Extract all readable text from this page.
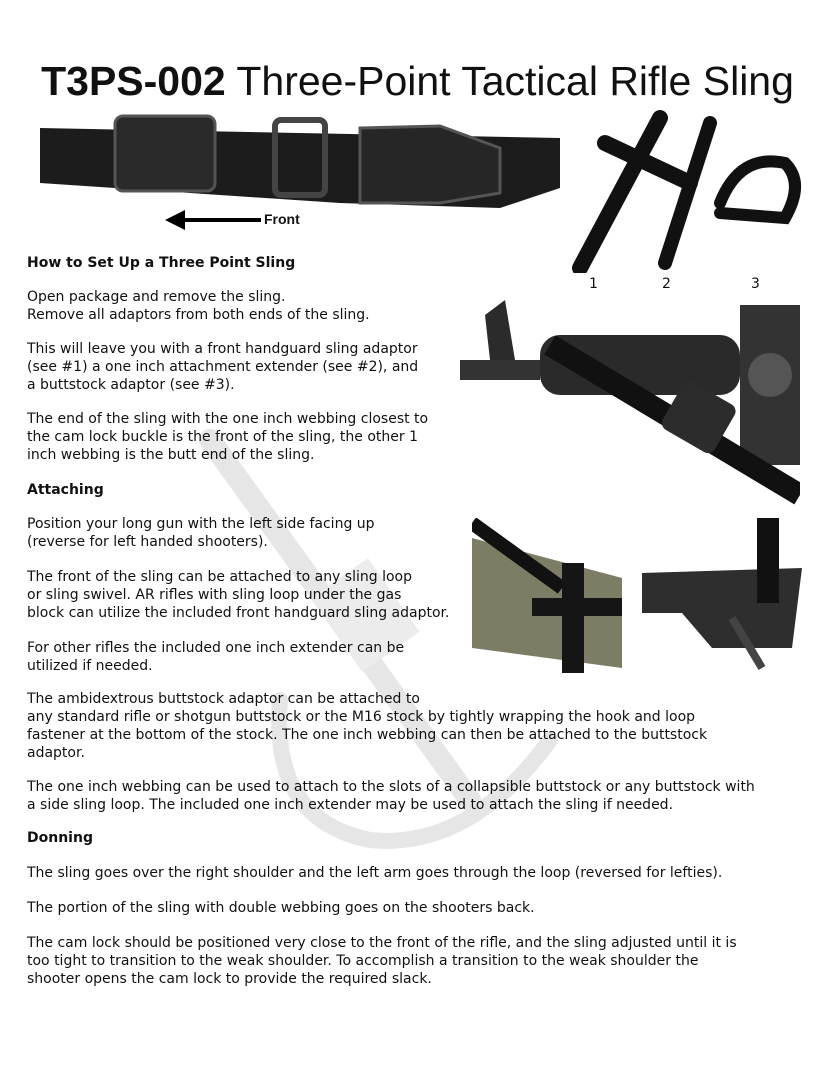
T3PS-002 Three-Point Tactical Rifle Sling
Front
1	2	3
How to Set Up a Three Point Sling
Open package and remove the sling.
Remove all adaptors from both ends of the sling.
This will leave you with a front handguard sling adaptor
(see #1) a one inch attachment extender (see #2), and
a buttstock adaptor (see #3).
The end of the sling with the one inch webbing closest to
the cam lock buckle is the front of the sling, the other 1
inch webbing is the butt end of the sling.
Attaching
Position your long gun with the left side facing up
(reverse for left handed shooters).
The front of the sling can be attached to any sling loop
or sling swivel. AR rifles with sling loop under the gas
block can utilize the included front handguard sling adaptor.
For other rifles the included one inch extender can be
utilized if needed.
The ambidextrous buttstock adaptor can be attached to
any standard rifle or shotgun buttstock or the M16 stock by tightly wrapping the hook and loop
fastener at the bottom of the stock. The one inch webbing can then be attached to the buttstock
adaptor.
The one inch webbing can be used to attach to the slots of a collapsible buttstock or any buttstock with
a side sling loop. The included one inch extender may be used to attach the sling if needed.
Donning
The sling goes over the right shoulder and the left arm goes through the loop (reversed for lefties).
The portion of the sling with double webbing goes on the shooters back.
The cam lock should be positioned very close to the front of the rifle, and the sling adjusted until it is
too tight to transition to the weak shoulder. To accomplish a transition to the weak shoulder the
shooter opens the cam lock to provide the required slack.
